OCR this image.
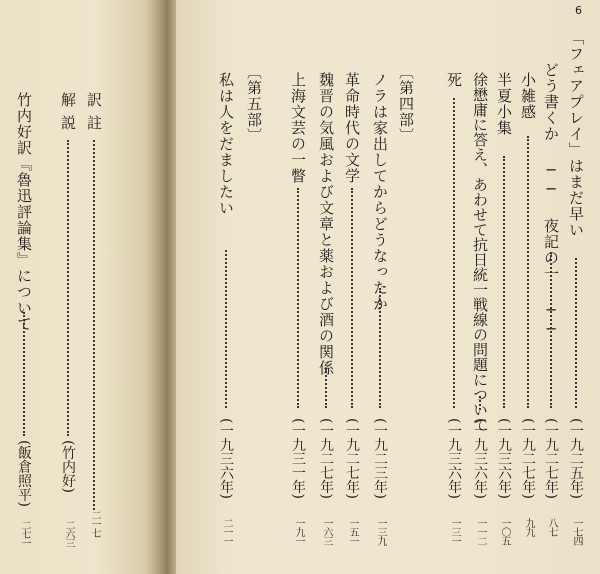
6
「フェアプレイ」はまだ早い
(一九二五年)
一七四
どう書くか ── 夜記の一 ──
(一九二七年)
八七
小雑感
(一九二七年)
九九
半夏小集
(一九三六年)
一〇五
徐懋庸に答え、あわせて抗日統一戦線の問題について
(一九三六年)
一一二
死
(一九三六年)
一三一
〔第四部〕
ノラは家出してからどうなったか
(一九二三年)
一三九
革命時代の文学
(一九二七年)
一五一
魏晋の気風および文章と薬および酒の関係
(一九二七年)
一六三
上海文芸の一瞥
(一九三一年)
一九一
〔第五部〕
私は人をだましたい
(一九三六年)
二一一
訳註
二一七
解説
(竹内好)
二六三
竹内好訳『魯迅評論集』について
(飯倉照平)
二七一
